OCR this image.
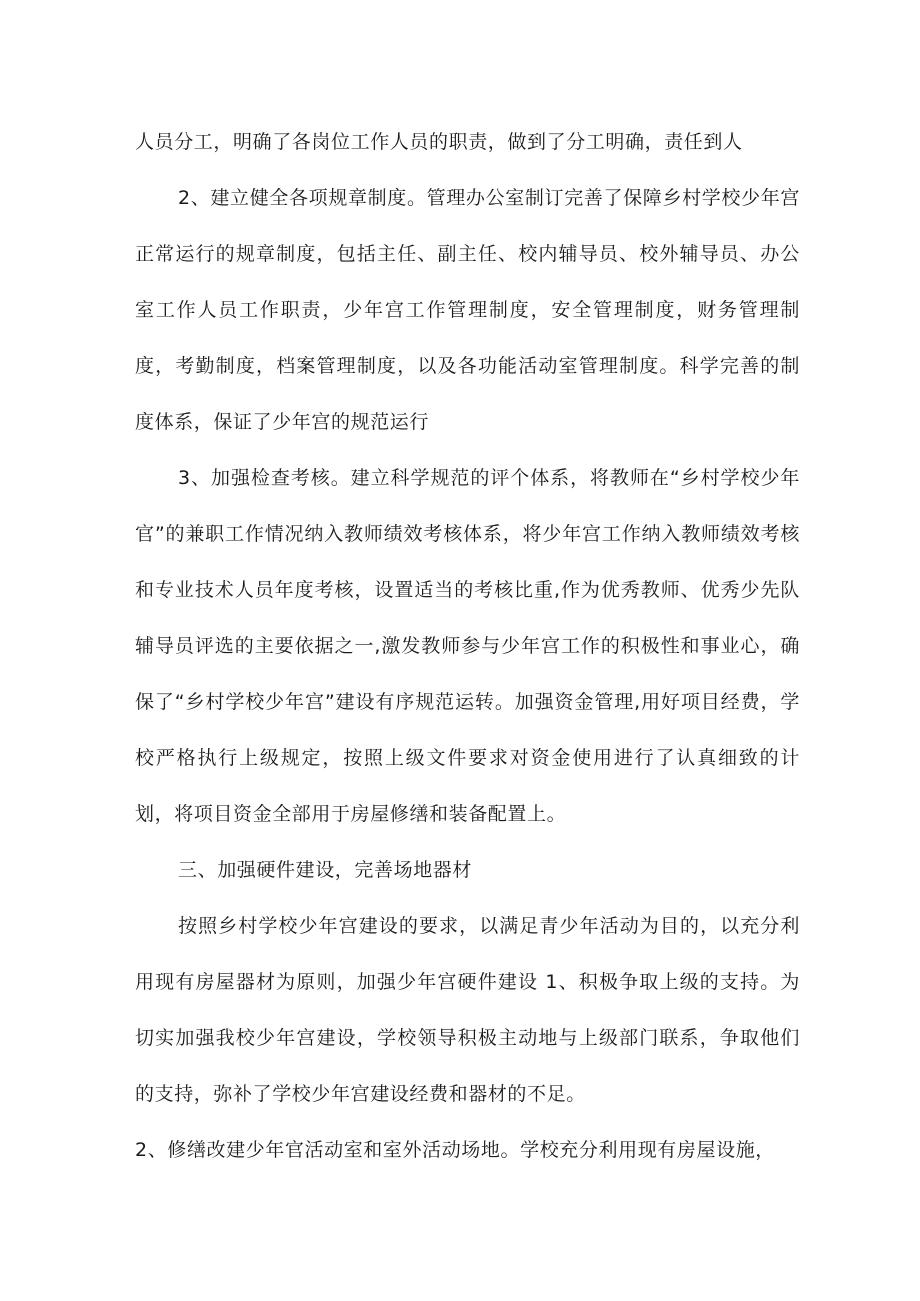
人员分工，明确了各岗位工作人员的职责，做到了分工明确，责任到人

2、建立健全各项规章制度。管理办公室制订完善了保障乡村学校少年宫正常运行的规章制度，包括主任、副主任、校内辅导员、校外辅导员、办公室工作人员工作职责，少年宫工作管理制度，安全管理制度，财务管理制度，考勤制度，档案管理制度，以及各功能活动室管理制度。科学完善的制度体系，保证了少年宫的规范运行

3、加强检查考核。建立科学规范的评个体系，将教师在“乡村学校少年官”的兼职工作情况纳入教师绩效考核体系，将少年宫工作纳入教师绩效考核和专业技术人员年度考核，设置适当的考核比重,作为优秀教师、优秀少先队辅导员评选的主要依据之一,激发教师参与少年宫工作的积极性和事业心，确保了“乡村学校少年宫”建设有序规范运转。加强资金管理,用好项目经费，学校严格执行上级规定，按照上级文件要求对资金使用进行了认真细致的计划，将项目资金全部用于房屋修缮和装备配置上。

三、加强硬件建设，完善场地器材

按照乡村学校少年宫建设的要求，以满足青少年活动为目的，以充分利用现有房屋器材为原则，加强少年宫硬件建设 1、积极争取上级的支持。为切实加强我校少年宫建设，学校领导积极主动地与上级部门联系，争取他们的支持，弥补了学校少年宫建设经费和器材的不足。

2、修缮改建少年官活动室和室外活动场地。学校充分利用现有房屋设施，
